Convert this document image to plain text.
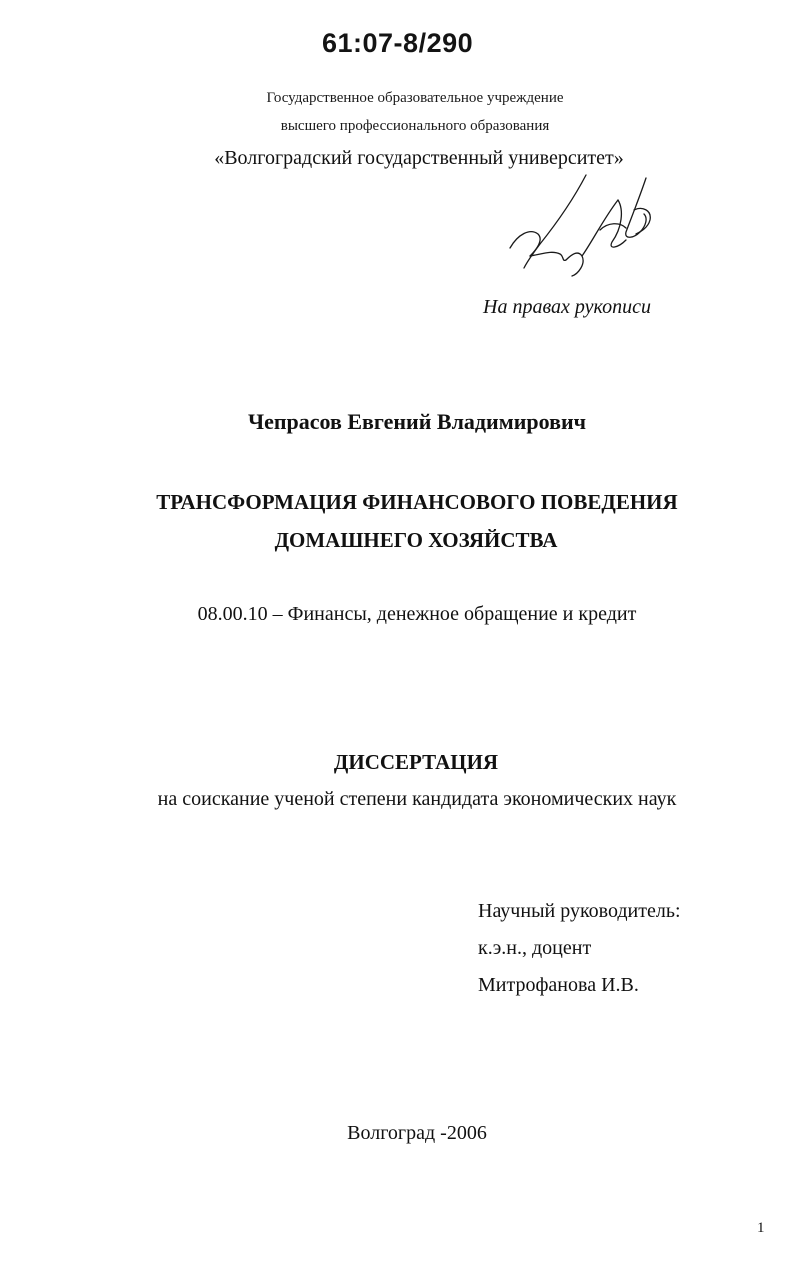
61:07-8/290
Государственное образовательное учреждение
высшего профессионального образования
«Волгоградский государственный университет»
На правах рукописи
Чепрасов Евгений Владимирович
ТРАНСФОРМАЦИЯ ФИНАНСОВОГО ПОВЕДЕНИЯ
ДОМАШНЕГО ХОЗЯЙСТВА
08.00.10 – Финансы, денежное обращение и кредит
ДИССЕРТАЦИЯ
на соискание ученой степени кандидата экономических наук
Научный руководитель:
к.э.н., доцент
Митрофанова И.В.
Волгоград -2006
1
